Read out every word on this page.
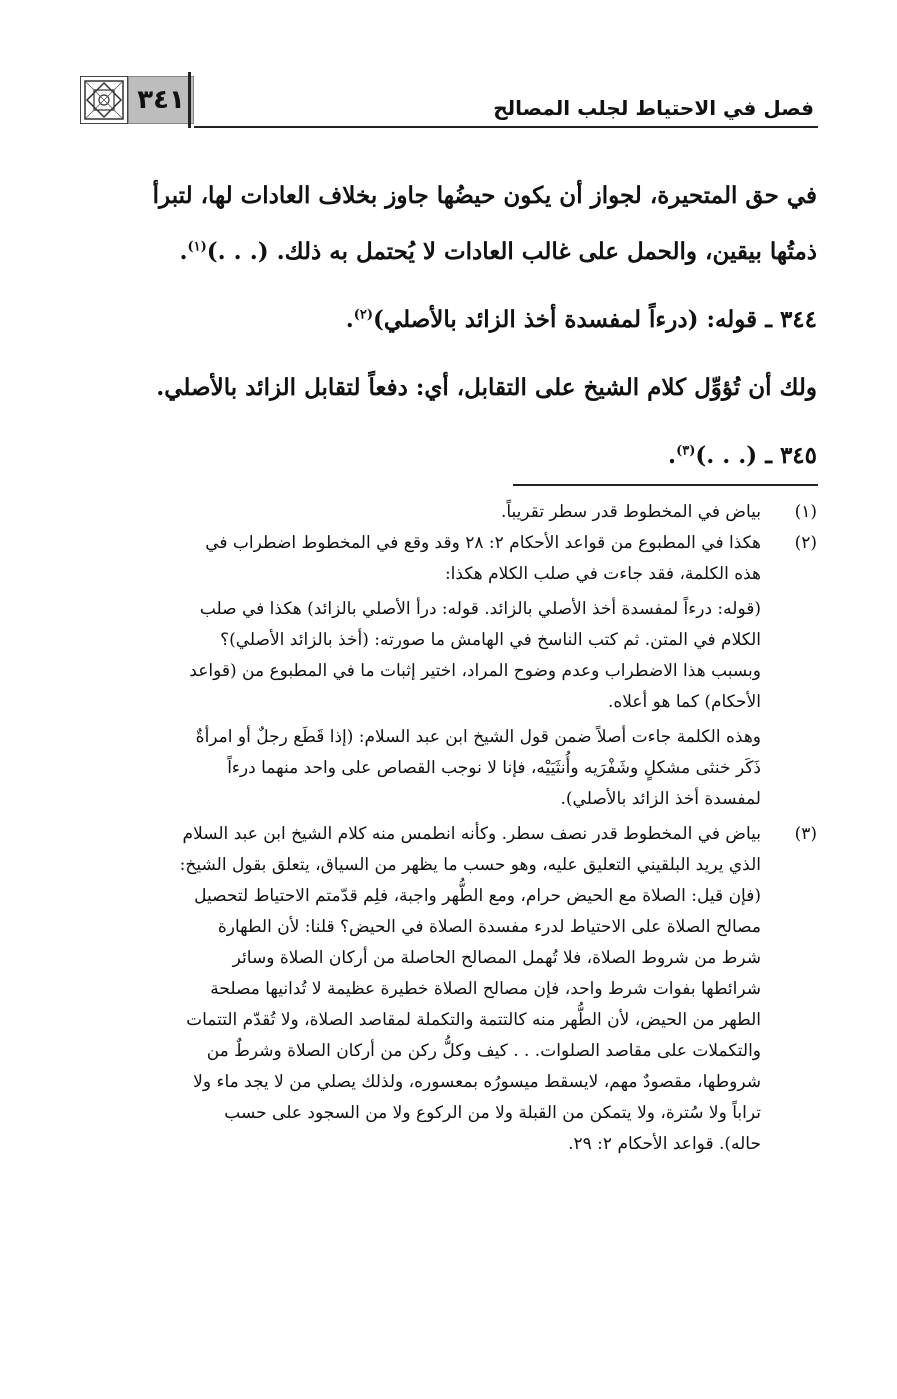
٣٤١	فصل في الاحتياط لجلب المصالح

في حق المتحيرة، لجواز أن يكون حيضُها جاوز بخلاف العادات لها، لتبرأ
ذمتُها بيقين، والحمل على غالب العادات لا يُحتمل به ذلك. (. . .)$^{(١)}$.

٣٤٤ ـ قوله: (درءاً لمفسدة أخذ الزائد بالأصلي)$^{(٢)}$.

ولك أن تُؤوِّل كلام الشيخ على التقابل، أي: دفعاً لتقابل الزائد بالأصلي.

٣٤٥ ـ (. . .)$^{(٣)}$.

(١)
بياض في المخطوط قدر سطر تقريباً.
(٢)
هكذا في المطبوع من قواعد الأحكام ٢: ٢٨ وقد وقع في المخطوط اضطراب في
هذه الكلمة، فقد جاءت في صلب الكلام هكذا:
(قوله: درءاً لمفسدة أخذ الأصلي بالزائد. قوله: درأ الأصلي بالزائد) هكذا في صلب
الكلام في المتن. ثم كتب الناسخ في الهامش ما صورته: (أخذ بالزائد الأصلي)؟
وبسبب هذا الاضطراب وعدم وضوح المراد، اختير إثبات ما في المطبوع من (قواعد
الأحكام) كما هو أعلاه.
وهذه الكلمة جاءت أصلاً ضمن قول الشيخ ابن عبد السلام: (إذا قَطَع رجلٌ أو امرأةٌ
ذَكَر خنثى مشكلٍ وشَفْرَيه وأُنثَيَيْه، فإنا لا نوجب القصاص على واحد منهما درءاً
لمفسدة أخذ الزائد بالأصلي).
(٣)
بياض في المخطوط قدر نصف سطر. وكأنه انطمس منه كلام الشيخ ابن عبد السلام
الذي يريد البلقيني التعليق عليه، وهو حسب ما يظهر من السياق، يتعلق بقول الشيخ:
(فإن قيل: الصلاة مع الحيض حرام، ومع الطُّهر واجبة، فلِم قدّمتم الاحتياط لتحصيل
مصالح الصلاة على الاحتياط لدرء مفسدة الصلاة في الحيض؟ قلنا: لأن الطهارة
شرط من شروط الصلاة، فلا تُهمل المصالح الحاصلة من أركان الصلاة وسائر
شرائطها بفوات شرط واحد، فإن مصالح الصلاة خطيرة عظيمة لا تُدانيها مصلحة
الطهر من الحيض، لأن الطُّهر منه كالتتمة والتكملة لمقاصد الصلاة، ولا تُقدّم التتمات
والتكملات على مقاصد الصلوات. . . كيف وكلُّ ركن من أركان الصلاة وشرطٌ من
شروطها، مقصودٌ مهم، لايسقط ميسورُه بمعسوره، ولذلك يصلي من لا يجد ماء ولا
تراباً ولا سُترة، ولا يتمكن من القبلة ولا من الركوع ولا من السجود على حسب
حاله). قواعد الأحكام ٢: ٢٩.
